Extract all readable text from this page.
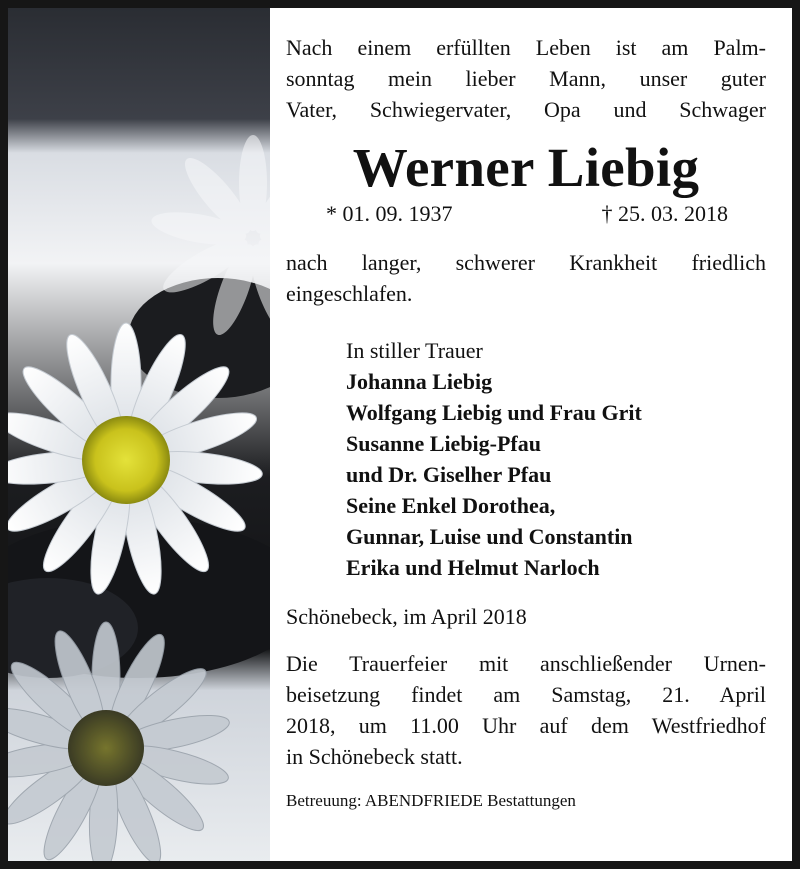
Nach einem erfüllten Leben ist am Palm-

sonntag mein lieber Mann, unser guter

Vater, Schwiegervater, Opa und Schwager

Werner Liebig
* 01. 09. 1937	† 25. 03. 2018

nach langer, schwerer Krankheit friedlich

eingeschlafen.

In stiller Trauer
Johanna Liebig
Wolfgang Liebig und Frau Grit
Susanne Liebig-Pfau
und Dr. Giselher Pfau
Seine Enkel Dorothea,
Gunnar, Luise und Constantin
Erika und Helmut Narloch
Schönebeck, im April 2018

Die Trauerfeier mit anschließender Urnen-

beisetzung findet am Samstag, 21. April

2018, um 11.00 Uhr auf dem Westfriedhof

in Schönebeck statt.

Betreuung: ABENDFRIEDE Bestattungen
